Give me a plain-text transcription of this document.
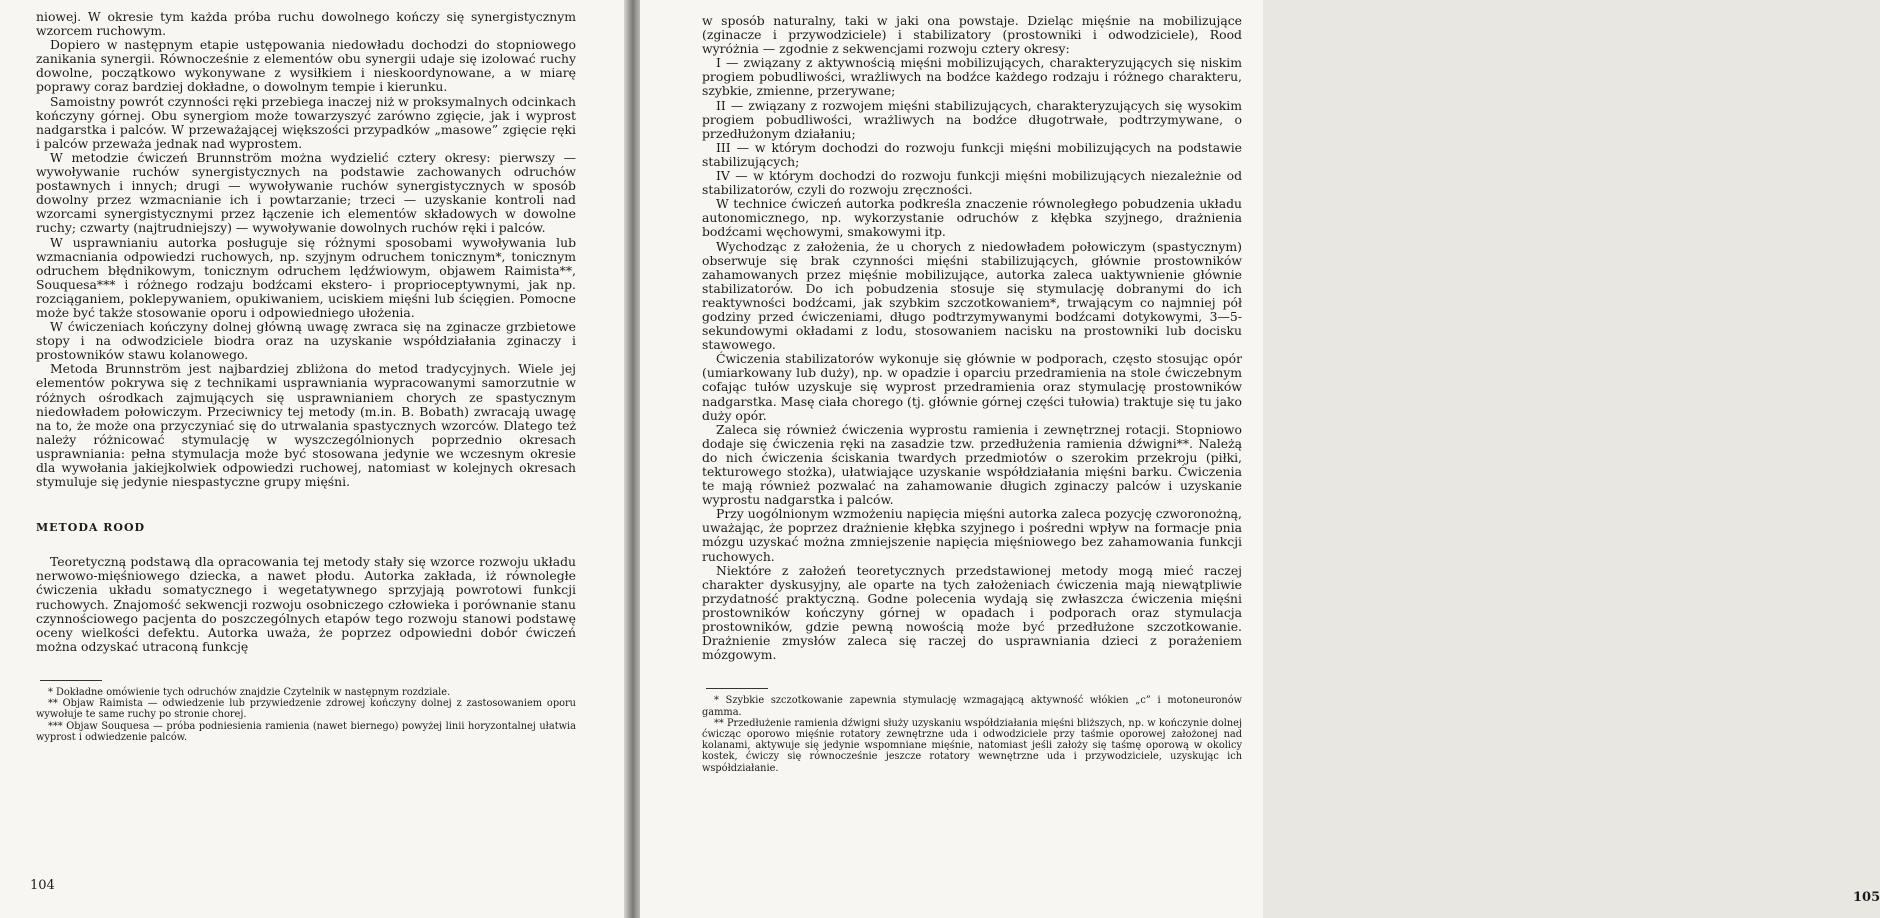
niowej. W okresie tym każda próba ruchu dowolnego kończy się synergistycznym wzorcem ruchowym.

Dopiero w następnym etapie ustępowania niedowładu dochodzi do stopniowego zanikania synergii. Równocześnie z elementów obu synergii udaje się izolować ruchy dowolne, początkowo wykonywane z wysiłkiem i nieskoordynowane, a w miarę poprawy coraz bardziej dokładne, o dowolnym tempie i kierunku.

Samoistny powrót czynności ręki przebiega inaczej niż w proksymalnych odcinkach kończyny górnej. Obu synergiom może towarzyszyć zarówno zgięcie, jak i wyprost nadgarstka i palców. W przeważającej większości przypadków „masowe” zgięcie ręki i palców przeważa jednak nad wyprostem.

W metodzie ćwiczeń Brunnström można wydzielić cztery okresy: pierwszy — wywoływanie ruchów synergistycznych na podstawie zachowanych odruchów postawnych i innych; drugi — wywoływanie ruchów synergistycznych w sposób dowolny przez wzmacnianie ich i powtarzanie; trzeci — uzyskanie kontroli nad wzorcami synergistycznymi przez łączenie ich elementów składowych w dowolne ruchy; czwarty (najtrudniejszy) — wywoływanie dowolnych ruchów ręki i palców.

W usprawnianiu autorka posługuje się różnymi sposobami wywoływania lub wzmacniania odpowiedzi ruchowych, np. szyjnym odruchem tonicznym*, tonicznym odruchem błędnikowym, tonicznym odruchem lędźwiowym, objawem Raimista**, Souquesa*** i różnego rodzaju bodźcami ekstero- i proprioceptywnymi, jak np. rozciąganiem, poklepywaniem, opukiwaniem, uciskiem mięśni lub ścięgien. Pomocne może być także stosowanie oporu i odpowiedniego ułożenia.

W ćwiczeniach kończyny dolnej główną uwagę zwraca się na zginacze grzbietowe stopy i na odwodziciele biodra oraz na uzyskanie współdziałania zginaczy i prostowników stawu kolanowego.

Metoda Brunnström jest najbardziej zbliżona do metod tradycyjnych. Wiele jej elementów pokrywa się z technikami usprawniania wypracowanymi samorzutnie w różnych ośrodkach zajmujących się usprawnianiem chorych ze spastycznym niedowładem połowiczym. Przeciwnicy tej metody (m.in. B. Bobath) zwracają uwagę na to, że może ona przyczyniać się do utrwalania spastycznych wzorców. Dlatego też należy różnicować stymulację w wyszczególnionych poprzednio okresach usprawniania: pełna stymulacja może być stosowana jedynie we wczesnym okresie dla wywołania jakiejkolwiek odpowiedzi ruchowej, natomiast w kolejnych okresach stymuluje się jedynie niespastyczne grupy mięśni.

METODA ROOD

Teoretyczną podstawą dla opracowania tej metody stały się wzorce rozwoju układu nerwowo-mięśniowego dziecka, a nawet płodu. Autorka zakłada, iż równoległe ćwiczenia układu somatycznego i wegetatywnego sprzyjają powrotowi funkcji ruchowych. Znajomość sekwencji rozwoju osobniczego człowieka i porównanie stanu czynnościowego pacjenta do poszczególnych etapów tego rozwoju stanowi podstawę oceny wielkości defektu. Autorka uważa, że poprzez odpowiedni dobór ćwiczeń można odzyskać utraconą funkcję

* Dokładne omówienie tych odruchów znajdzie Czytelnik w następnym rozdziale.

** Objaw Raimista — odwiedzenie lub przywiedzenie zdrowej kończyny dolnej z zastosowaniem oporu wywołuje te same ruchy po stronie chorej.

*** Objaw Souquesa — próba podniesienia ramienia (nawet biernego) powyżej linii horyzontalnej ułatwia wyprost i odwiedzenie palców.

104

w sposób naturalny, taki w jaki ona powstaje. Dzieląc mięśnie na mobilizujące (zginacze i przywodziciele) i stabilizatory (prostowniki i odwodziciele), Rood wyróżnia — zgodnie z sekwencjami rozwoju cztery okresy:

I — związany z aktywnością mięśni mobilizujących, charakteryzujących się niskim progiem pobudliwości, wrażliwych na bodźce każdego rodzaju i różnego charakteru, szybkie, zmienne, przerywane;

II — związany z rozwojem mięśni stabilizujących, charakteryzujących się wysokim progiem pobudliwości, wrażliwych na bodźce długotrwałe, podtrzymywane, o przedłużonym działaniu;

III — w którym dochodzi do rozwoju funkcji mięśni mobilizujących na podstawie stabilizujących;

IV — w którym dochodzi do rozwoju funkcji mięśni mobilizujących niezależnie od stabilizatorów, czyli do rozwoju zręczności.

W technice ćwiczeń autorka podkreśla znaczenie równoległego pobudzenia układu autonomicznego, np. wykorzystanie odruchów z kłębka szyjnego, drażnienia bodźcami węchowymi, smakowymi itp.

Wychodząc z założenia, że u chorych z niedowładem połowiczym (spastycznym) obserwuje się brak czynności mięśni stabilizujących, głównie prostowników zahamowanych przez mięśnie mobilizujące, autorka zaleca uaktywnienie głównie stabilizatorów. Do ich pobudzenia stosuje się stymulację dobranymi do ich reaktywności bodźcami, jak szybkim szczotkowaniem*, trwającym co najmniej pół godziny przed ćwiczeniami, długo podtrzymywanymi bodźcami dotykowymi, 3—5-sekundowymi okładami z lodu, stosowaniem nacisku na prostowniki lub docisku stawowego.

Ćwiczenia stabilizatorów wykonuje się głównie w podporach, często stosując opór (umiarkowany lub duży), np. w opadzie i oparciu przedramienia na stole ćwiczebnym cofając tułów uzyskuje się wyprost przedramienia oraz stymulację prostowników nadgarstka. Masę ciała chorego (tj. głównie górnej części tułowia) traktuje się tu jako duży opór.

Zaleca się również ćwiczenia wyprostu ramienia i zewnętrznej rotacji. Stopniowo dodaje się ćwiczenia ręki na zasadzie tzw. przedłużenia ramienia dźwigni**. Należą do nich ćwiczenia ściskania twardych przedmiotów o szerokim przekroju (piłki, tekturowego stożka), ułatwiające uzyskanie współdziałania mięśni barku. Ćwiczenia te mają również pozwalać na zahamowanie długich zginaczy palców i uzyskanie wyprostu nadgarstka i palców.

Przy uogólnionym wzmożeniu napięcia mięśni autorka zaleca pozycję czworonożną, uważając, że poprzez drażnienie kłębka szyjnego i pośredni wpływ na formacje pnia mózgu uzyskać można zmniejszenie napięcia mięśniowego bez zahamowania funkcji ruchowych.

Niektóre z założeń teoretycznych przedstawionej metody mogą mieć raczej charakter dyskusyjny, ale oparte na tych założeniach ćwiczenia mają niewątpliwie przydatność praktyczną. Godne polecenia wydają się zwłaszcza ćwiczenia mięśni prostowników kończyny górnej w opadach i podporach oraz stymulacja prostowników, gdzie pewną nowością może być przedłużone szczotkowanie. Drażnienie zmysłów zaleca się raczej do usprawniania dzieci z porażeniem mózgowym.

* Szybkie szczotkowanie zapewnia stymulację wzmagającą aktywność włókien „c” i motoneuronów gamma.

** Przedłużenie ramienia dźwigni służy uzyskaniu współdziałania mięśni bliższych, np. w kończynie dolnej ćwicząc oporowo mięśnie rotatory zewnętrzne uda i odwodziciele przy taśmie oporowej założonej nad kolanami, aktywuje się jedynie wspomniane mięśnie, natomiast jeśli założy się taśmę oporową w okolicy kostek, ćwiczy się równocześnie jeszcze rotatory wewnętrzne uda i przywodziciele, uzyskując ich współdziałanie.

105
